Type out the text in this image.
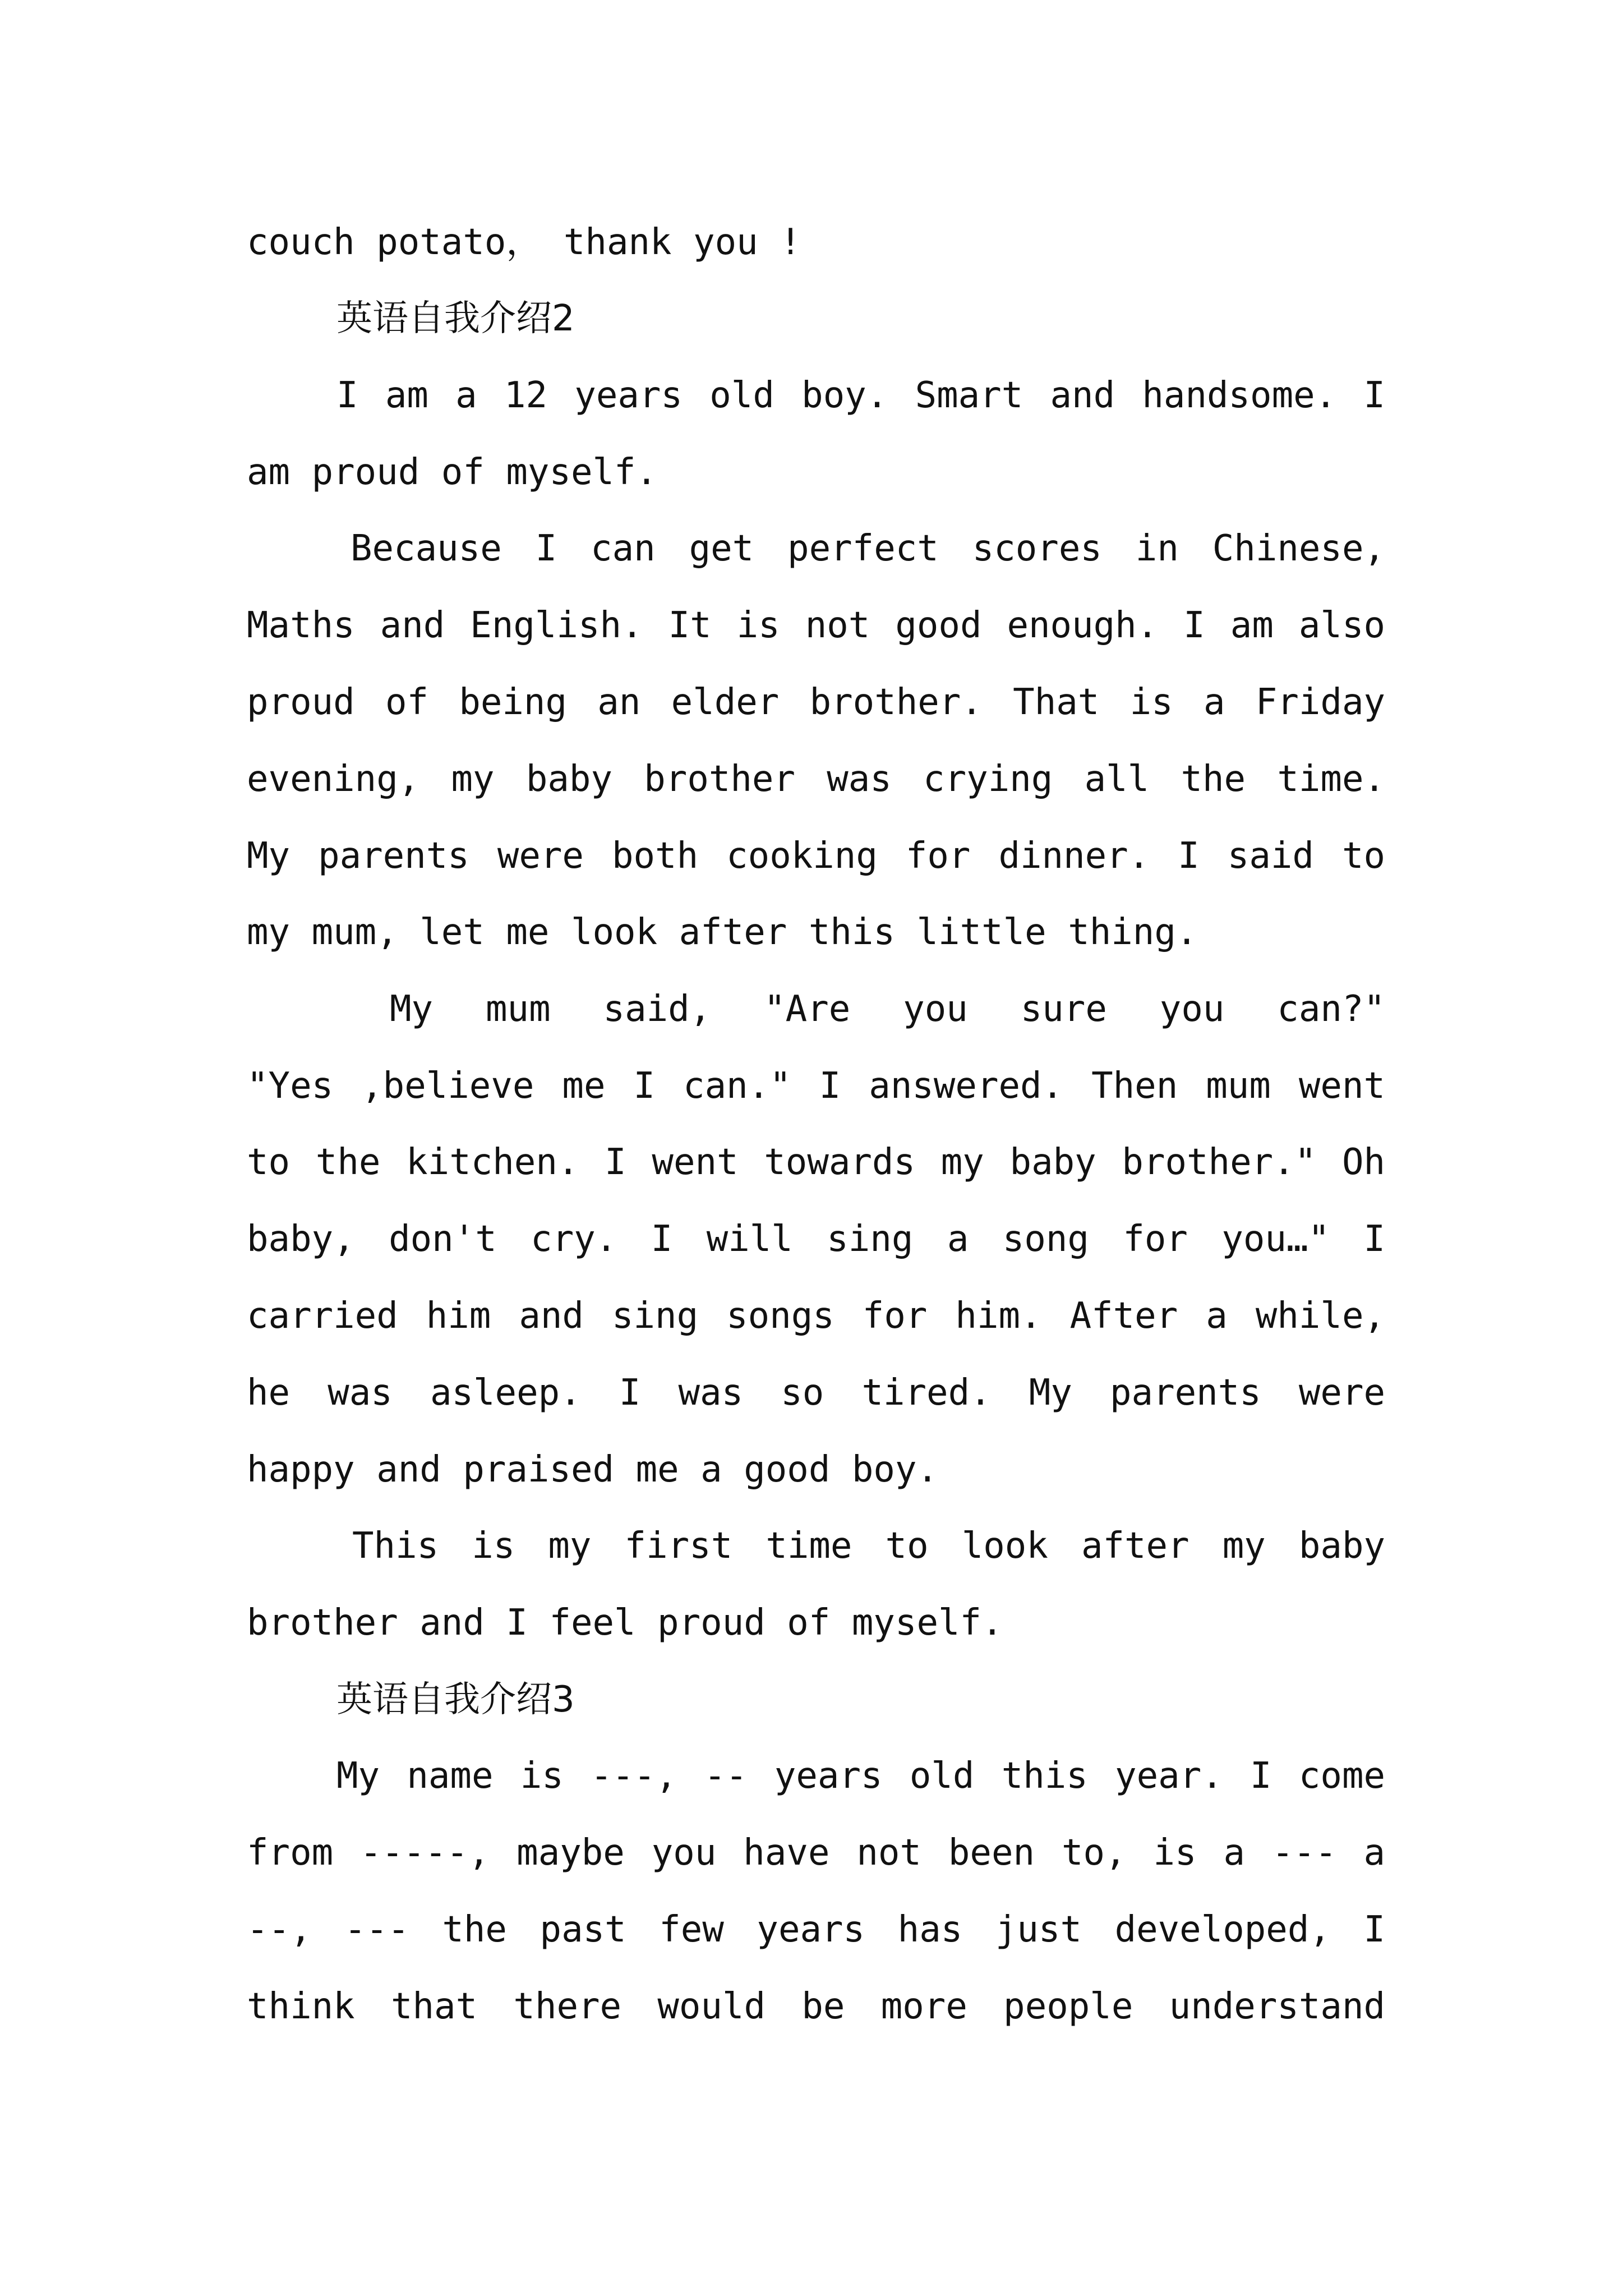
couch potato， thank you !
英语自我介绍2
I am a 12 years old boy. Smart and handsome. I
am proud of myself.
Because I can get perfect scores in Chinese,
Maths and English. It is not good enough. I am also
proud of being an elder brother. That is a Friday
evening, my baby brother was crying all the time.
My parents were both cooking for dinner. I said to
my mum, let me look after this little thing.
My mum said, "Are you sure you can?"
"Yes ,believe me I can." I answered. Then mum went
to the kitchen. I went towards my baby brother." Oh
baby, don't cry. I will sing a song for you…" I
carried him and sing songs for him. After a while,
he was asleep. I was so tired. My parents were
happy and praised me a good boy.
This is my first time to look after my baby
brother and I feel proud of myself.
英语自我介绍3
My name is ---, -- years old this year. I come
from -----, maybe you have not been to, is a --- a
--, --- the past few years has just developed, I
think that there would be more people understand
